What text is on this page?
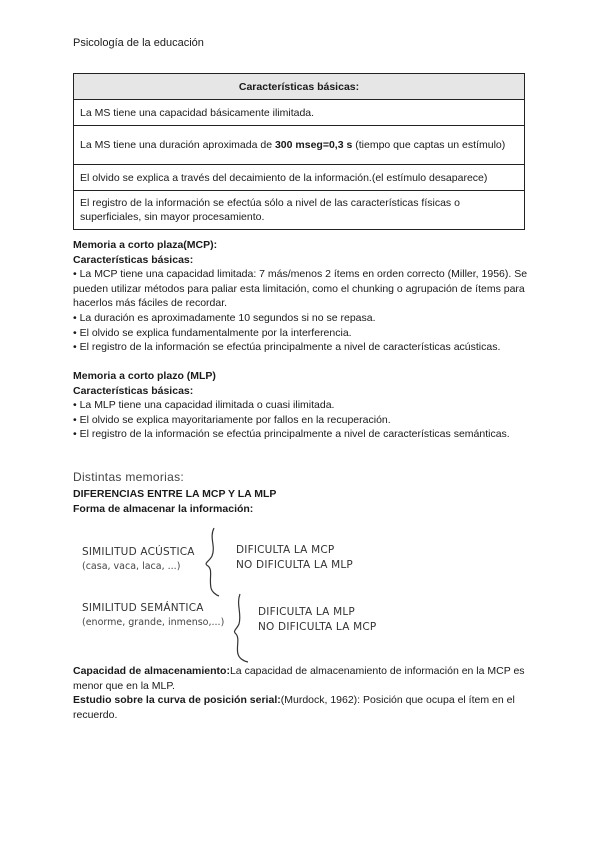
Psicología de la educación
Características básicas:
La MS tiene una capacidad básicamente ilimitada.
La MS tiene una duración aproximada de 300 mseg=0,3 s (tiempo que captas un estímulo)
El olvido se explica a través del decaimiento de la información.(el estímulo desaparece)
El registro de la información se efectúa sólo a nivel de las características físicas o superficiales, sin mayor procesamiento.

Memoria a corto plaza(MCP):

Características básicas:

• La MCP tiene una capacidad limitada: 7 más/menos 2 ítems en orden correcto (Miller, 1956). Se pueden utilizar métodos para paliar esta limitación, como el chunking o agrupación de ítems para hacerlos más fáciles de recordar.

• La duración es aproximadamente 10 segundos si no se repasa.

• El olvido se explica fundamentalmente por la interferencia.

• El registro de la información se efectúa principalmente a nivel de características acústicas.

Memoria a corto plazo (MLP)

Características básicas:

• La MLP tiene una capacidad ilimitada o cuasi ilimitada.

• El olvido se explica mayoritariamente por fallos en la recuperación.

• El registro de la información se efectúa principalmente a nivel de características semánticas.

Distintas memorias:

DIFERENCIAS ENTRE LA MCP Y LA MLP

Forma de almacenar la información:

SIMILITUD ACÚSTICA
(casa, vaca, laca, ...)
DIFICULTA LA MCP
NO DIFICULTA LA MLP
SIMILITUD SEMÁNTICA
(enorme, grande, inmenso,...)
DIFICULTA LA MLP
NO DIFICULTA LA MCP

Capacidad de almacenamiento:La capacidad de almacenamiento de información en la MCP es menor que en la MLP.

Estudio sobre la curva de posición serial:(Murdock, 1962): Posición que ocupa el ítem en el recuerdo.
